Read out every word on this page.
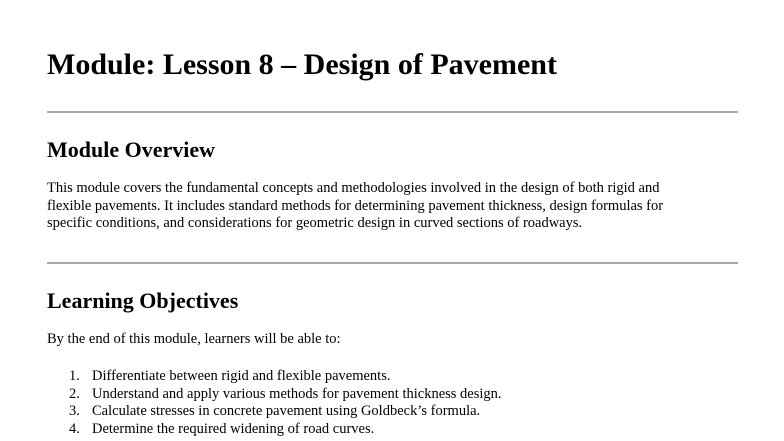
Module: Lesson 8 – Design of Pavement
Module Overview

This module covers the fundamental concepts and methodologies involved in the design of both rigid and
flexible pavements. It includes standard methods for determining pavement thickness, design formulas for
specific conditions, and considerations for geometric design in curved sections of roadways.

Learning Objectives

By the end of this module, learners will be able to:

1. Differentiate between rigid and flexible pavements.
2. Understand and apply various methods for pavement thickness design.
3. Calculate stresses in concrete pavement using Goldbeck’s formula.
4. Determine the required widening of road curves.
